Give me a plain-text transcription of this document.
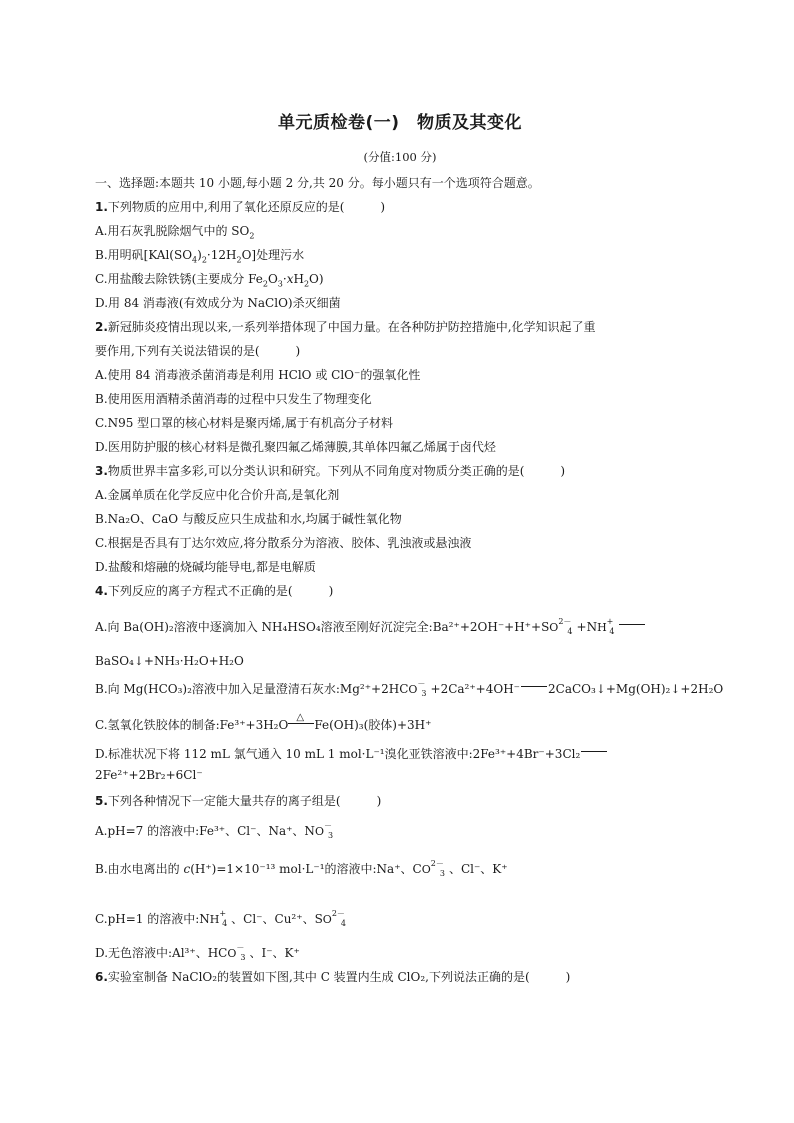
单元质检卷(一)　物质及其变化
(分值:100 分)
一、选择题:本题共 10 小题,每小题 2 分,共 20 分。每小题只有一个选项符合题意。
1.下列物质的应用中,利用了氧化还原反应的是(	)
A.用石灰乳脱除烟气中的 $SO_2$
B.用明矾$[KAl(SO_4)_2\cdot 12H_2O]$处理污水
C.用盐酸去除铁锈(主要成分 $Fe_2O_3\cdot xH_2O$)
D.用 84 消毒液(有效成分为 NaClO)杀灭细菌
2.新冠肺炎疫情出现以来,一系列举措体现了中国力量。在各种防护防控措施中,化学知识起了重
要作用,下列有关说法错误的是(	)
A.使用 84 消毒液杀菌消毒是利用 HClO 或 ClO⁻的强氧化性
B.使用医用酒精杀菌消毒的过程中只发生了物理变化
C.N95 型口罩的核心材料是聚丙烯,属于有机高分子材料
D.医用防护服的核心材料是微孔聚四氟乙烯薄膜,其单体四氟乙烯属于卤代烃
3.物质世界丰富多彩,可以分类认识和研究。下列从不同角度对物质分类正确的是(	)
A.金属单质在化学反应中化合价升高,是氧化剂
B.Na₂O、CaO 与酸反应只生成盐和水,均属于碱性氧化物
C.根据是否具有丁达尔效应,将分散系分为溶液、胶体、乳浊液或悬浊液
D.盐酸和熔融的烧碱均能导电,都是电解质
4.下列反应的离子方程式不正确的是(	)
A.向 Ba(OH)₂溶液中逐滴加入 NH₄HSO₄溶液至刚好沉淀完全$:Ba^{2+}+2OH^-+H^++SO^{2-}_4 +NH^+_4$
BaSO₄↓+NH₃·H₂O+H₂O
B.向 Mg(HCO₃)₂溶液中加入足量澄清石灰水$:Mg^{2+}+2HCO^-_3 +2Ca^{2+}+4OH^-$ 2CaCO₃↓+Mg(OH)₂↓+2H₂O
C.氢氧化铁胶体的制备:Fe³⁺+3H₂O
△
Fe(OH)₃(胶体)+3H⁺
D.标准状况下将 112 mL 氯气通入 10 mL 1 mol·L⁻¹溴化亚铁溶液中:2Fe³⁺+4Br⁻+3Cl₂
2Fe²⁺+2Br₂+6Cl⁻
5.下列各种情况下一定能大量共存的离子组是(	)
A.pH=7 的溶液中:Fe³⁺、Cl⁻、Na⁺、$NO^-_3$
B.由水电离出的 c(H⁺)=1×10⁻¹³ mol·L⁻¹的溶液中:Na⁺、$CO^{2-}_3$ 、Cl⁻、K⁺
C.pH=1 的溶液中$:NH^+_4$ 、Cl⁻、Cu²⁺、$SO^{2-}_4$
D.无色溶液中:Al³⁺、$HCO^-_3$ 、I⁻、K⁺
6.实验室制备 NaClO₂的装置如下图,其中 C 装置内生成 ClO₂,下列说法正确的是(	)
